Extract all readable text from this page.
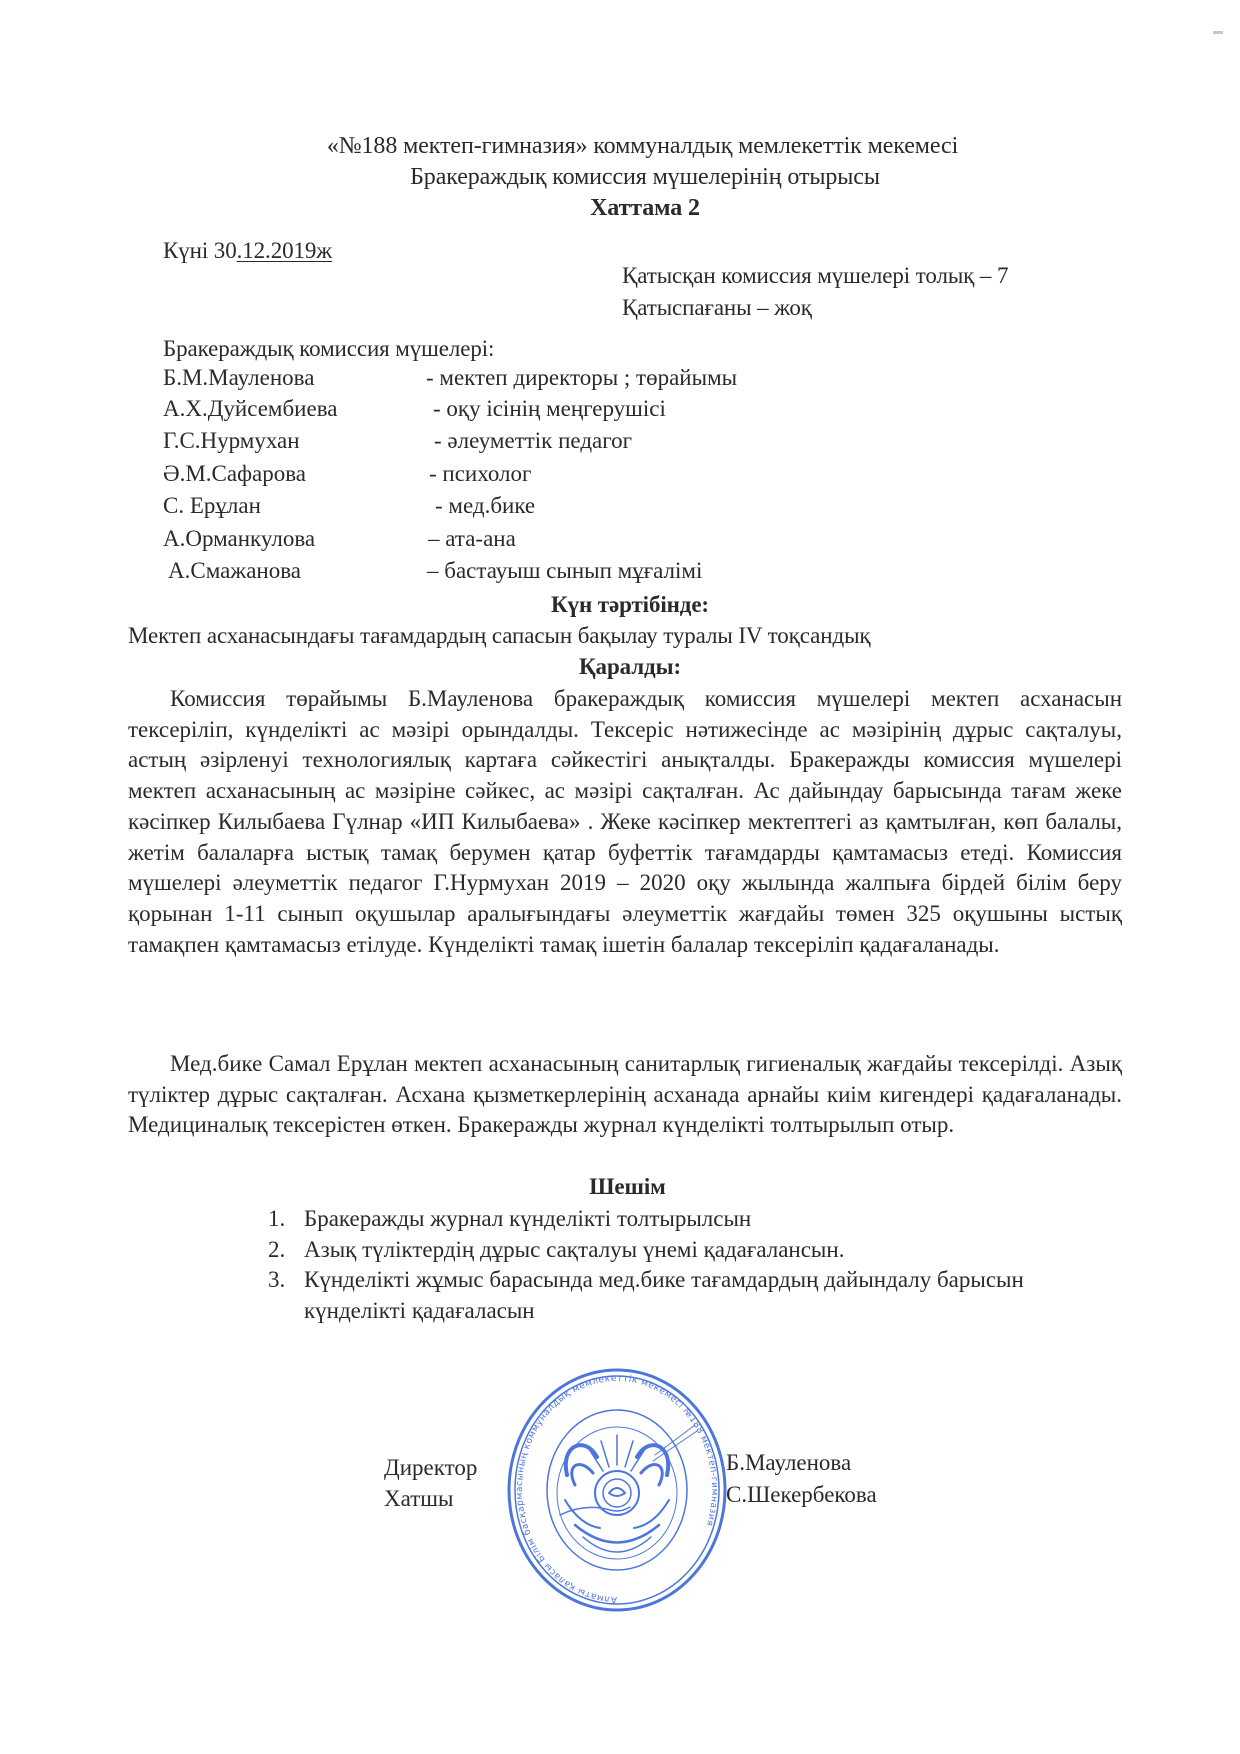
«№188 мектеп-гимназия» коммуналдық мемлекеттік мекемесі
Бракераждық комиссия мүшелерінің отырысы
Хаттама 2
Күні 30.12.2019ж
Қатысқан комиссия мүшелері толық – 7
Қатыспағаны – жоқ
Бракераждық комиссия мүшелері:
Б.М.Мауленова	- мектеп директоры ; төрайымы
А.Х.Дуйсембиева	- оқу ісінің меңгерушісі
Г.С.Нурмухан	- әлеуметтік педагог
Ә.М.Сафарова	- психолог
С. Ерұлан	- мед.бике
А.Орманкулова	– ата-ана
А.Смажанова	– бастауыш сынып мұғалімі
Күн тәртібінде:
Мектеп асханасындағы тағамдардың сапасын бақылау туралы IV тоқсандық
Қаралды:
Комиссия төрайымы Б.Мауленова бракераждық комиссия мүшелері мектеп асханасын тексеріліп, күнделікті ас мәзірі орындалды. Тексеріс нәтижесінде ас мәзірінің дұрыс сақталуы, астың әзірленуі технологиялық картаға сәйкестігі анықталды. Бракеражды комиссия мүшелері мектеп асханасының ас мәзіріне сәйкес, ас мәзірі сақталған. Ас дайындау барысында тағам жеке кәсіпкер Килыбаева Гүлнар «ИП Килыбаева» . Жеке кәсіпкер мектептегі аз қамтылған, көп балалы, жетім балаларға ыстық тамақ берумен қатар буфеттік тағамдарды қамтамасыз етеді. Комиссия мүшелері әлеуметтік педагог Г.Нурмухан 2019 – 2020 оқу жылында жалпыға бірдей білім беру қорынан 1-11 сынып оқушылар аралығындағы әлеуметтік жағдайы төмен 325 оқушыны ыстық тамақпен қамтамасыз етілуде. Күнделікті тамақ ішетін балалар тексеріліп қадағаланады.
Мед.бике Самал Ерұлан мектеп асханасының санитарлық гигиеналық жағдайы тексерілді. Азық түліктер дұрыс сақталған. Асхана қызметкерлерінің асханада арнайы киім кигендері қадағаланады. Медициналық тексерістен өткен. Бракеражды журнал күнделікті толтырылып отыр.
Шешім
1. Бракеражды журнал күнделікті толтырылсын
2. Азық түліктердің дұрыс сақталуы үнемі қадағалансын.
3. Күнделікті жұмыс барасында мед.бике тағамдардың дайындалу барысын күнделікті қадағаласын
Алматы қаласы Білім басқармасының коммуналдық мемлекеттік мекемесі №188 мектеп-гимназия
Директор
Хатшы
Б.Мауленова
С.Шекербекова
